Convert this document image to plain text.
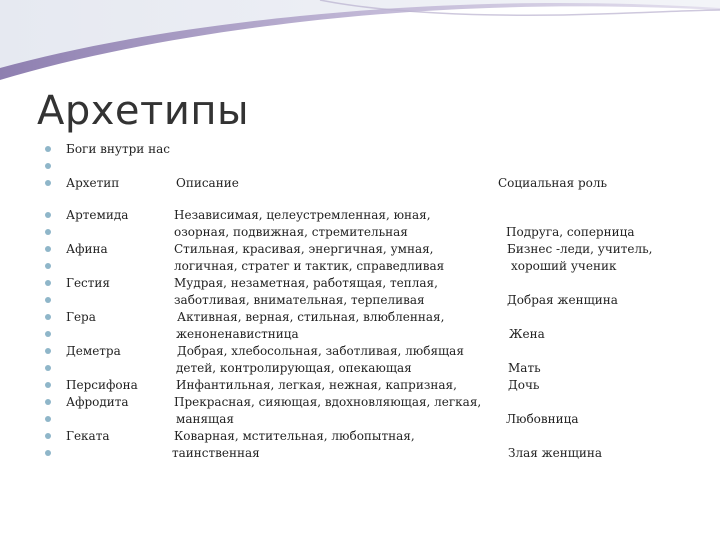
Архетипы
Боги внутри нас
Архетип	Описание	Социальная роль
Артемида	Независимая, целеустремленная, юная,
озорная, подвижная, стремительная	Подруга, соперница
Афина	Стильная, красивая, энергичная, умная,	Бизнес -леди, учитель,
логичная, стратег и тактик, справедливая	хороший ученик
Гестия	Мудрая, незаметная, работящая, теплая,
заботливая, внимательная, терпеливая	Добрая женщина
Гера	Активная, верная, стильная, влюбленная,
женоненавистница	Жена
Деметра	Добрая, хлебосольная, заботливая, любящая
детей, контролирующая, опекающая	Мать
Персифона	Инфантильная, легкая, нежная, капризная,	Дочь
Афродита	Прекрасная, сияющая, вдохновляющая, легкая,
манящая	Любовница
Геката	Коварная, мстительная, любопытная,
таинственная	Злая женщина
